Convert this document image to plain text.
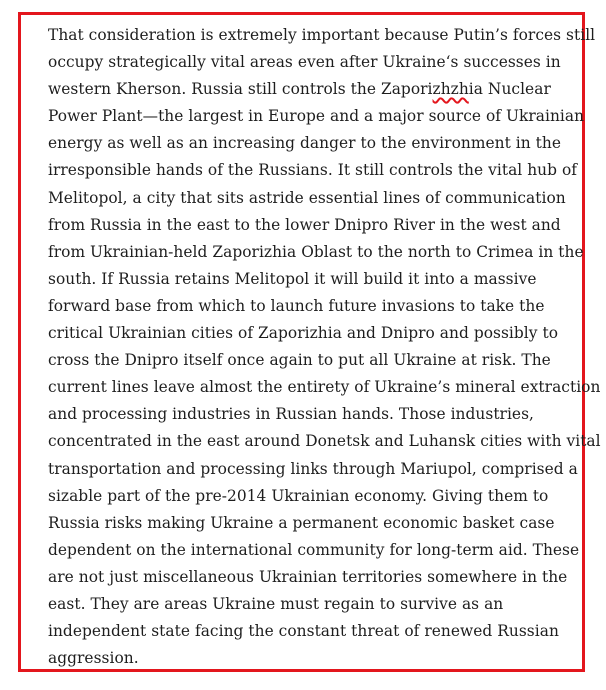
That consideration is extremely important because Putin’s forces still
occupy strategically vital areas even after Ukraine‘s successes in
western Kherson. Russia still controls the Zaporizhzhia Nuclear
Power Plant—the largest in Europe and a major source of Ukrainian
energy as well as an increasing danger to the environment in the
irresponsible hands of the Russians. It still controls the vital hub of
Melitopol, a city that sits astride essential lines of communication
from Russia in the east to the lower Dnipro River in the west and
from Ukrainian-held Zaporizhia Oblast to the north to Crimea in the
south. If Russia retains Melitopol it will build it into a massive
forward base from which to launch future invasions to take the
critical Ukrainian cities of Zaporizhia and Dnipro and possibly to
cross the Dnipro itself once again to put all Ukraine at risk. The
current lines leave almost the entirety of Ukraine’s mineral extraction
and processing industries in Russian hands. Those industries,
concentrated in the east around Donetsk and Luhansk cities with vital
transportation and processing links through Mariupol, comprised a
sizable part of the pre-2014 Ukrainian economy. Giving them to
Russia risks making Ukraine a permanent economic basket case
dependent on the international community for long-term aid. These
are not just miscellaneous Ukrainian territories somewhere in the
east. They are areas Ukraine must regain to survive as an
independent state facing the constant threat of renewed Russian
aggression.
